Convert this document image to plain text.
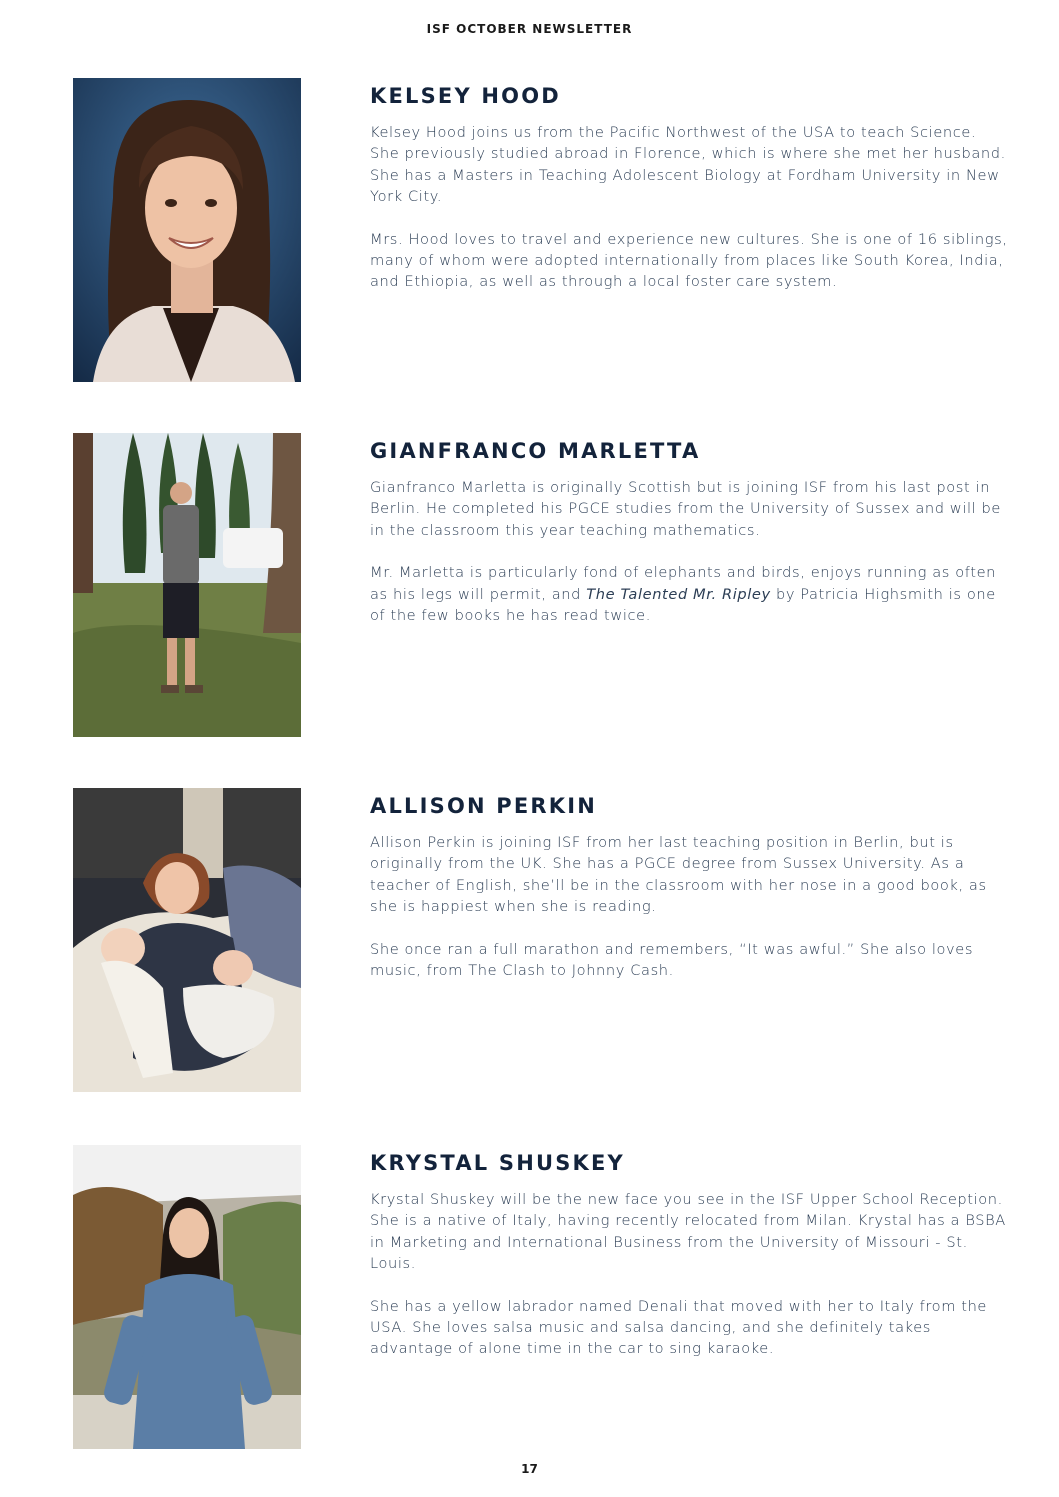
ISF OCTOBER NEWSLETTER
KELSEY HOOD

Kelsey Hood joins us from the Pacific Northwest of the USA to teach Science. She previously studied abroad in Florence, which is where she met her husband. She has a Masters in Teaching Adolescent Biology at Fordham University in New York City.

Mrs. Hood loves to travel and experience new cultures. She is one of 16 siblings, many of whom were adopted internationally from places like South Korea, India, and Ethiopia, as well as through a local foster care system.

GIANFRANCO MARLETTA

Gianfranco Marletta is originally Scottish but is joining ISF from his last post in Berlin. He completed his PGCE studies from the University of Sussex and will be in the classroom this year teaching mathematics.

Mr. Marletta is particularly fond of elephants and birds, enjoys running as often as his legs will permit, and The Talented Mr. Ripley by Patricia Highsmith is one of the few books he has read twice.

ALLISON PERKIN

Allison Perkin is joining ISF from her last teaching position in Berlin, but is originally from the UK. She has a PGCE degree from Sussex University. As a teacher of English, she’ll be in the classroom with her nose in a good book, as she is happiest when she is reading.

She once ran a full marathon and remembers, “It was awful.” She also loves music, from The Clash to Johnny Cash.

KRYSTAL SHUSKEY

Krystal Shuskey will be the new face you see in the ISF Upper School Reception. She is a native of Italy, having recently relocated from Milan. Krystal has a BSBA in Marketing and International Business from the University of Missouri - St. Louis.

She has a yellow labrador named Denali that moved with her to Italy from the USA. She loves salsa music and salsa dancing, and she definitely takes advantage of alone time in the car to sing karaoke.

17
